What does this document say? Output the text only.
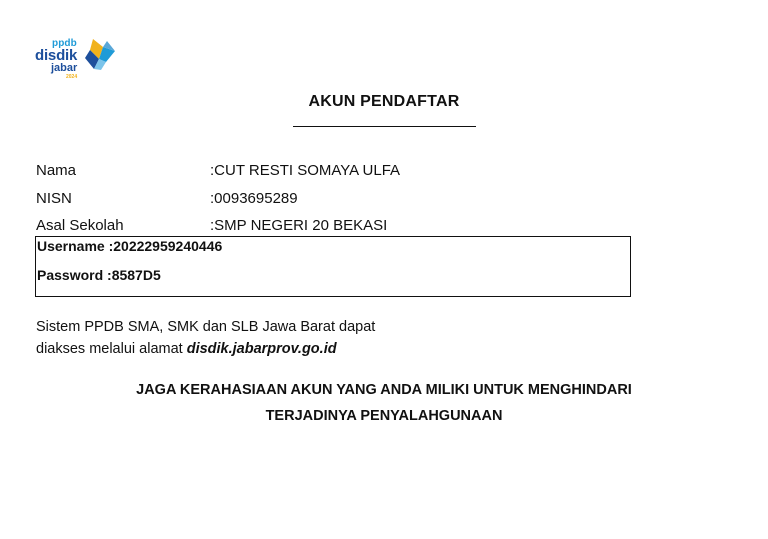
ppdb
disdik
jabar
2024
AKUN PENDAFTAR
Nama	:CUT RESTI SOMAYA ULFA
NISN	:0093695289
Asal Sekolah	:SMP NEGERI 20 BEKASI
Username :20222959240446
Password :8587D5
Sistem PPDB SMA, SMK dan SLB Jawa Barat dapat
diakses melalui alamat disdik.jabarprov.go.id
JAGA KERAHASIAAN AKUN YANG ANDA MILIKI UNTUK MENGHINDARI
TERJADINYA PENYALAHGUNAAN
